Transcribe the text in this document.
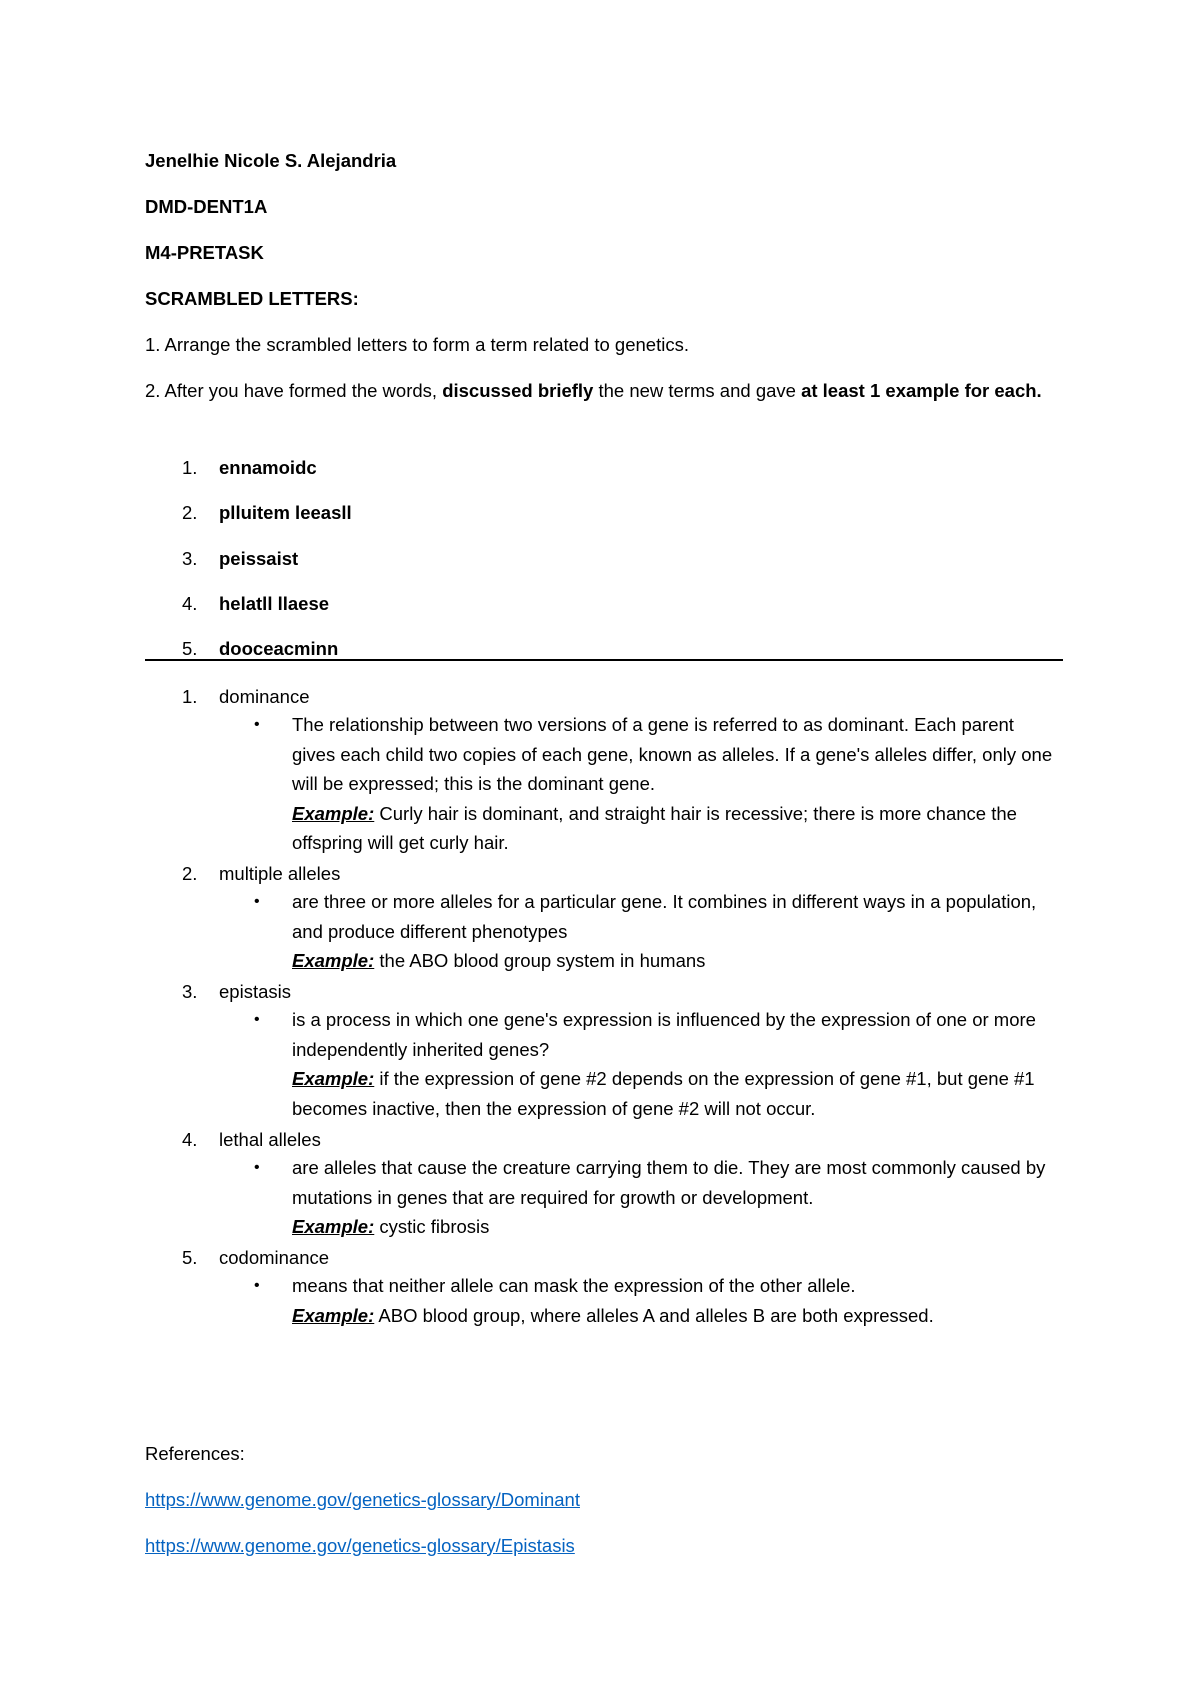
Jenelhie Nicole S. Alejandria
DMD-DENT1A
M4-PRETASK
SCRAMBLED LETTERS:
1. Arrange the scrambled letters to form a term related to genetics.
2. After you have formed the words, discussed briefly the new terms and gave at least 1 example for each.
1.	ennamoidc
2.	plluitem leeasll
3.	peissaist
4.	helatll llaese
5.	dooceacminn
1.	dominance
• The relationship between two versions of a gene is referred to as dominant. Each parent gives each child two copies of each gene, known as alleles. If a gene's alleles differ, only one will be expressed; this is the dominant gene.

Example: Curly hair is dominant, and straight hair is recessive; there is more chance the offspring will get curly hair.

2.	multiple alleles
• are three or more alleles for a particular gene. It combines in different ways in a population, and produce different phenotypes

Example: the ABO blood group system in humans

3.	epistasis
• is a process in which one gene's expression is influenced by the expression of one or more independently inherited genes?

Example: if the expression of gene #2 depends on the expression of gene #1, but gene #1 becomes inactive, then the expression of gene #2 will not occur.

4.	lethal alleles
• are alleles that cause the creature carrying them to die. They are most commonly caused by mutations in genes that are required for growth or development.

Example: cystic fibrosis

5.	codominance
• means that neither allele can mask the expression of the other allele.

Example: ABO blood group, where alleles A and alleles B are both expressed.

References:
https://www.genome.gov/genetics-glossary/Dominant
https://www.genome.gov/genetics-glossary/Epistasis
